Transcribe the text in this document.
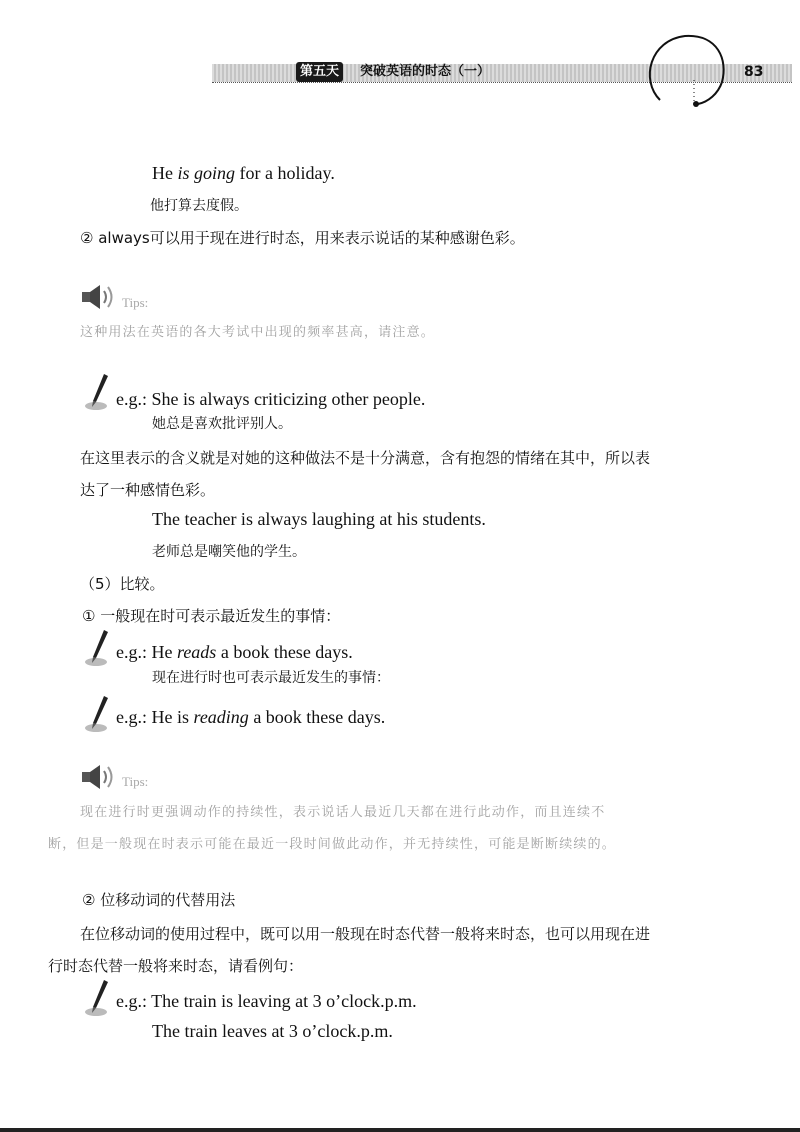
第五天	突破英语的时态（一）	83
He is going for a holiday.
他打算去度假。
② always可以用于现在进行时态，用来表示说话的某种感谢色彩。
Tips:
这种用法在英语的各大考试中出现的频率甚高，请注意。
e.g.: She is always criticizing other people.
她总是喜欢批评别人。
在这里表示的含义就是对她的这种做法不是十分满意，含有抱怨的情绪在其中，所以表
达了一种感情色彩。
The teacher is always laughing at his students.
老师总是嘲笑他的学生。
（5）比较。
① 一般现在时可表示最近发生的事情：
e.g.: He reads a book these days.
现在进行时也可表示最近发生的事情：
e.g.: He is reading a book these days.
Tips:
现在进行时更强调动作的持续性，表示说话人最近几天都在进行此动作，而且连续不
断，但是一般现在时表示可能在最近一段时间做此动作，并无持续性，可能是断断续续的。
② 位移动词的代替用法
在位移动词的使用过程中，既可以用一般现在时态代替一般将来时态，也可以用现在进
行时态代替一般将来时态，请看例句：
e.g.: The train is leaving at 3 o’clock.p.m.
The train leaves at 3 o’clock.p.m.
